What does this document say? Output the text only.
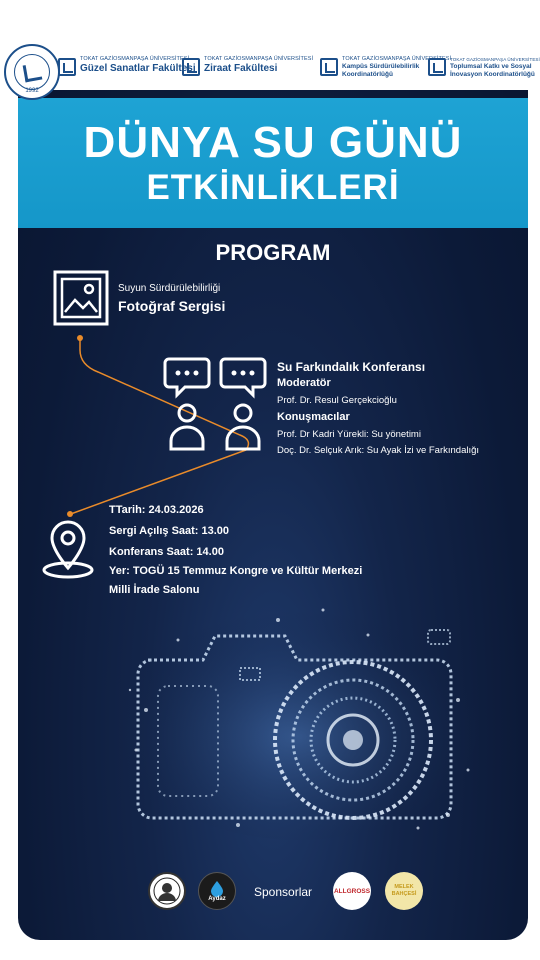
TOKAT GAZİOSMANPAŞA ÜNİVERSİTESİ
Güzel Sanatlar Fakültesi
TOKAT GAZİOSMANPAŞA ÜNİVERSİTESİ
Ziraat Fakültesi
TOKAT GAZİOSMANPAŞA ÜNİVERSİTESİ
Kampüs Sürdürülebilirlik
Koordinatörlüğü
TOKAT GAZİOSMANPAŞA ÜNİVERSİTESİ
Toplumsal Katkı ve Sosyal
İnovasyon Koordinatörlüğü
DÜNYA SU GÜNÜ
ETKİNLİKLERİ
PROGRAM
Suyun Sürdürülebilirliği
Fotoğraf Sergisi
Su Farkındalık Konferansı
Moderatör
Prof. Dr. Resul Gerçekcioğlu
Konuşmacılar
Prof. Dr Kadri Yürekli: Su yönetimi
Doç. Dr. Selçuk Arık: Su Ayak İzi ve Farkındalığı
TTarih: 24.03.2026
Sergi Açılış Saat: 13.00
Konferans Saat: 14.00
Yer: TOGÜ 15 Temmuz Kongre ve Kültür Merkezi
Milli İrade Salonu
Aydaz Sponsorlar	ALLGROSS
MELEK BAHÇESİ
1992
